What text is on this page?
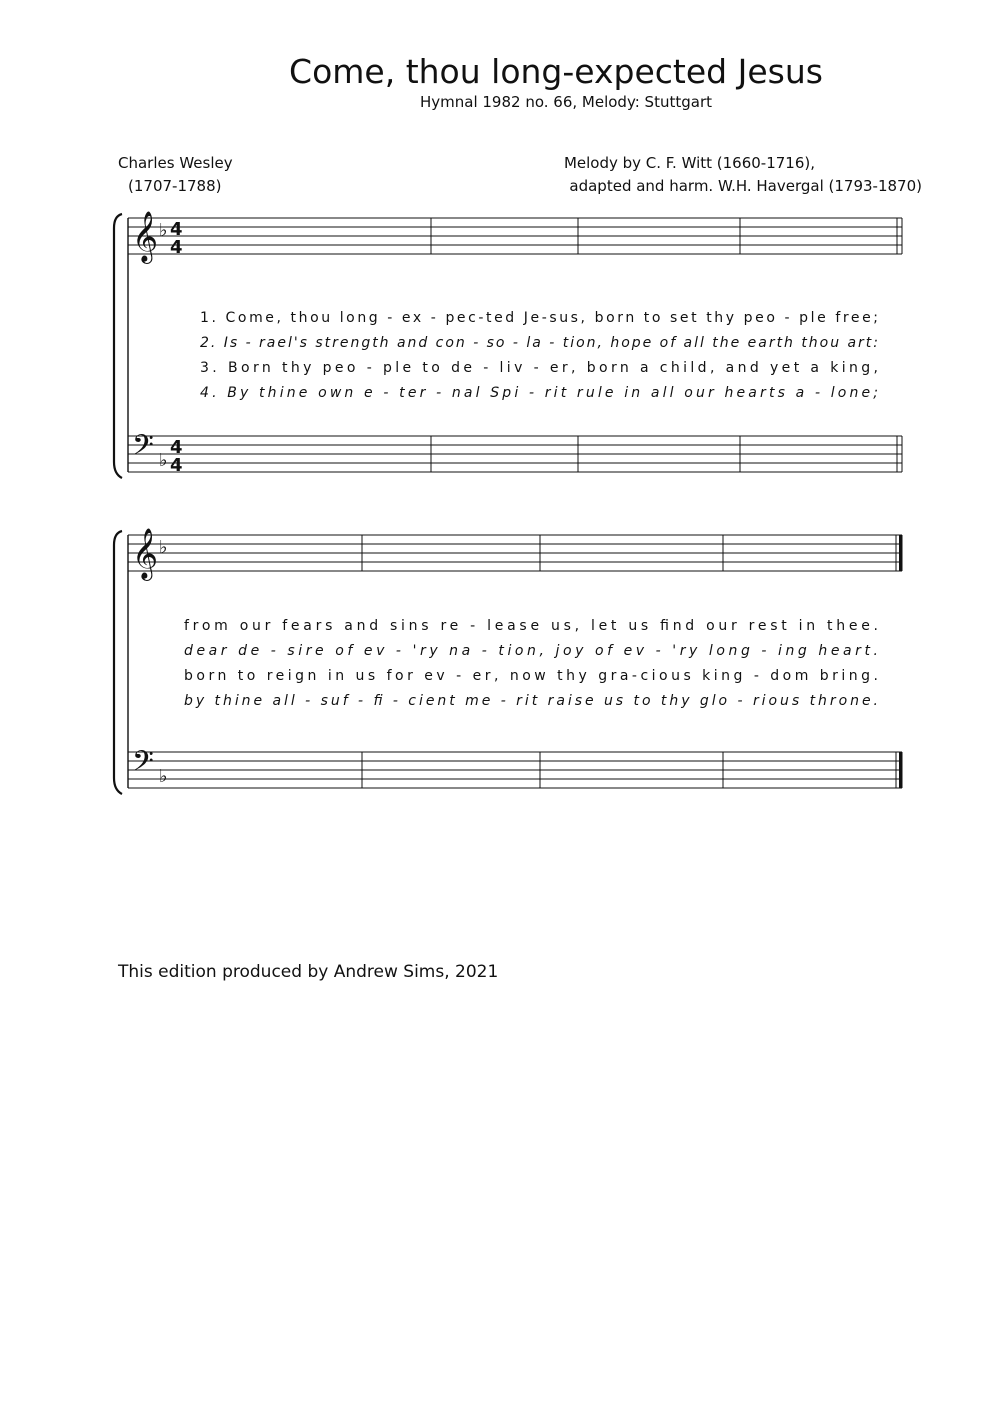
Come, thou long-expected Jesus
Hymnal 1982 no. 66, Melody: Stuttgart
Charles Wesley
(1707-1788)
Melody by C. F. Witt (1660-1716),
adapted and harm. W.H. Havergal (1793-1870)
𝄞 ♭ 4
4
𝄢 ♭
4
4
1. Come, thou long - ex - pec-ted Je-sus, born to set thy peo - ple free;
2. Is - rael's strength and con - so - la - tion, hope of all the earth thou art:
3. Born thy peo - ple to de - liv - er, born a child, and yet a king,
4. By thine own e - ter - nal Spi - rit rule in all our hearts a - lone;
𝄞 ♭
𝄢 ♭
from our fears and sins re - lease us, let us find our rest in thee.
dear de - sire of ev - 'ry na - tion, joy of ev - 'ry long - ing heart.
born to reign in us for ev - er, now thy gra-cious king - dom bring.
by thine all - suf - fi - cient me - rit raise us to thy glo - rious throne.
This edition produced by Andrew Sims, 2021
